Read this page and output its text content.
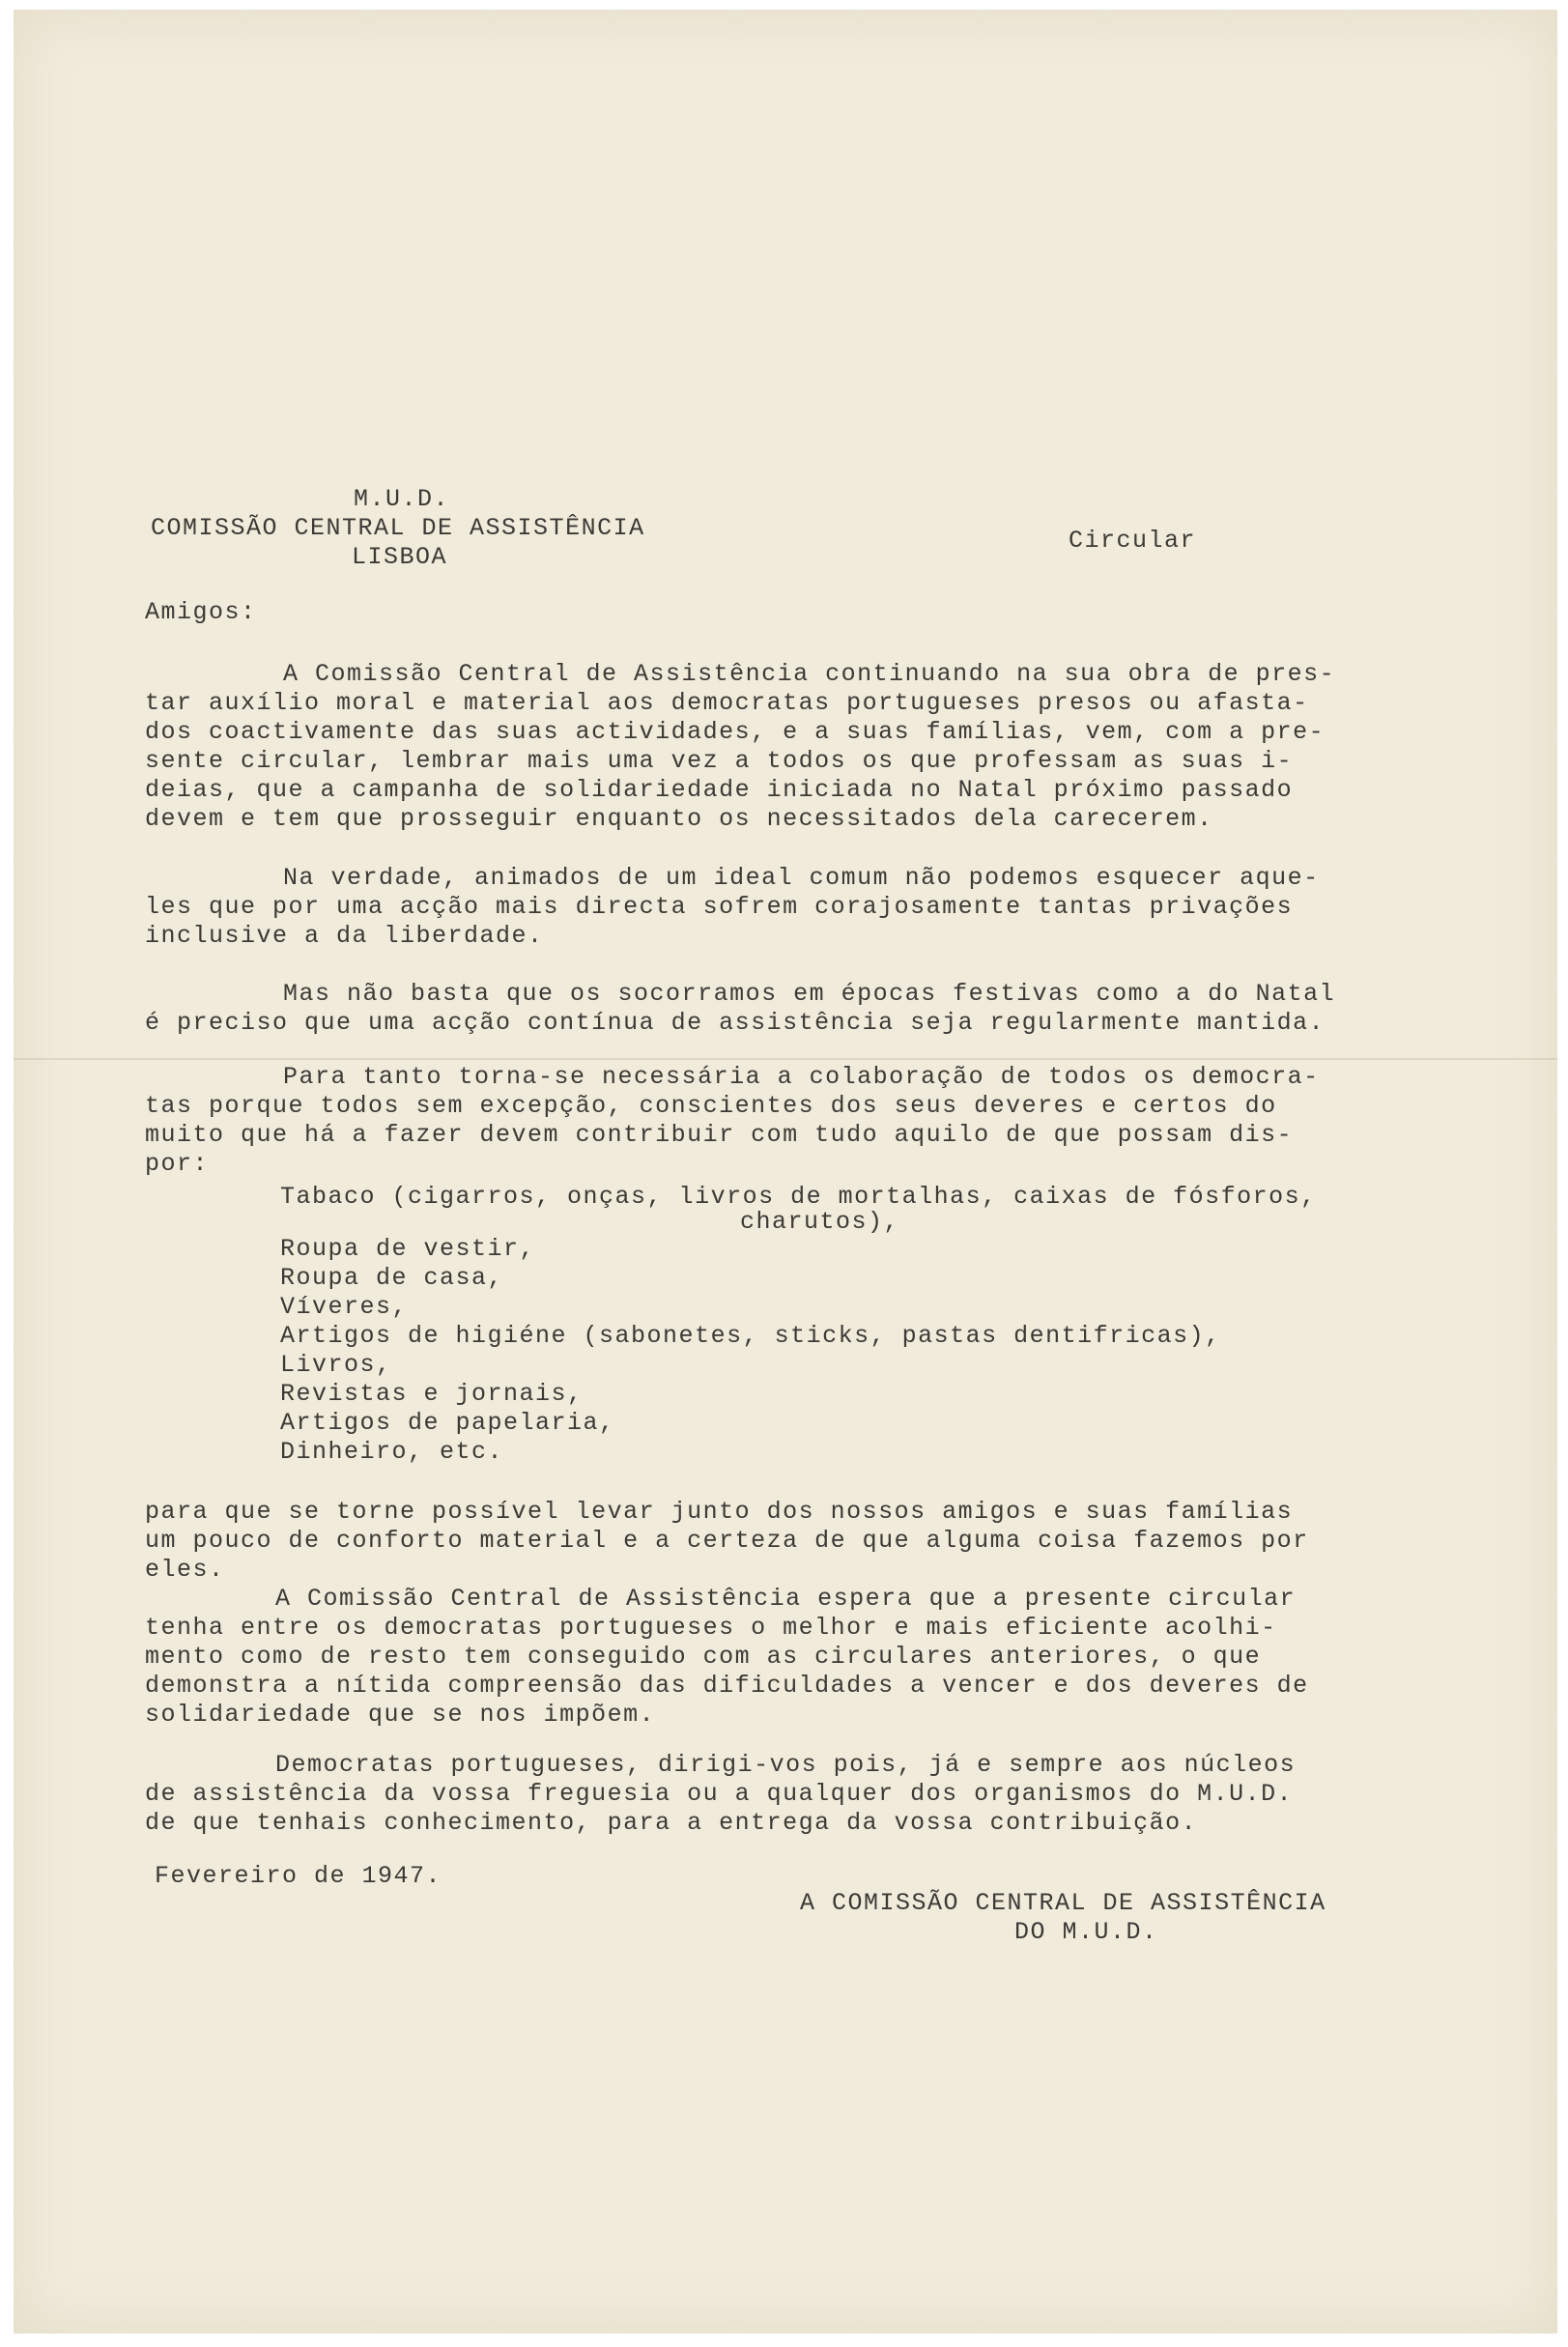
M.U.D.
COMISSÃO CENTRAL DE ASSISTÊNCIA
LISBOA
Circular
Amigos:
A Comissão Central de Assistência continuando na sua obra de pres-
tar auxílio moral e material aos democratas portugueses presos ou afasta-
dos coactivamente das suas actividades, e a suas famílias, vem, com a pre-
sente circular, lembrar mais uma vez a todos os que professam as suas i-
deias, que a campanha de solidariedade iniciada no Natal próximo passado
devem e tem que prosseguir enquanto os necessitados dela carecerem.
Na verdade, animados de um ideal comum não podemos esquecer aque-
les que por uma acção mais directa sofrem corajosamente tantas privações
inclusive a da liberdade.
Mas não basta que os socorramos em épocas festivas como a do Natal
é preciso que uma acção contínua de assistência seja regularmente mantida.
Para tanto torna-se necessária a colaboração de todos os democra-
tas porque todos sem excepção, conscientes dos seus deveres e certos do
muito que há a fazer devem contribuir com tudo aquilo de que possam dis-
por:
Tabaco (cigarros, onças, livros de mortalhas, caixas de fósforos,
charutos),
Roupa de vestir,
Roupa de casa,
Víveres,
Artigos de higiéne (sabonetes, sticks, pastas dentifricas),
Livros,
Revistas e jornais,
Artigos de papelaria,
Dinheiro, etc.
para que se torne possível levar junto dos nossos amigos e suas famílias
um pouco de conforto material e a certeza de que alguma coisa fazemos por
eles.
A Comissão Central de Assistência espera que a presente circular
tenha entre os democratas portugueses o melhor e mais eficiente acolhi-
mento como de resto tem conseguido com as circulares anteriores, o que
demonstra a nítida compreensão das dificuldades a vencer e dos deveres de
solidariedade que se nos impõem.
Democratas portugueses, dirigi-vos pois, já e sempre aos núcleos
de assistência da vossa freguesia ou a qualquer dos organismos do M.U.D.
de que tenhais conhecimento, para a entrega da vossa contribuição.
Fevereiro de 1947.
A COMISSÃO CENTRAL DE ASSISTÊNCIA
DO M.U.D.
